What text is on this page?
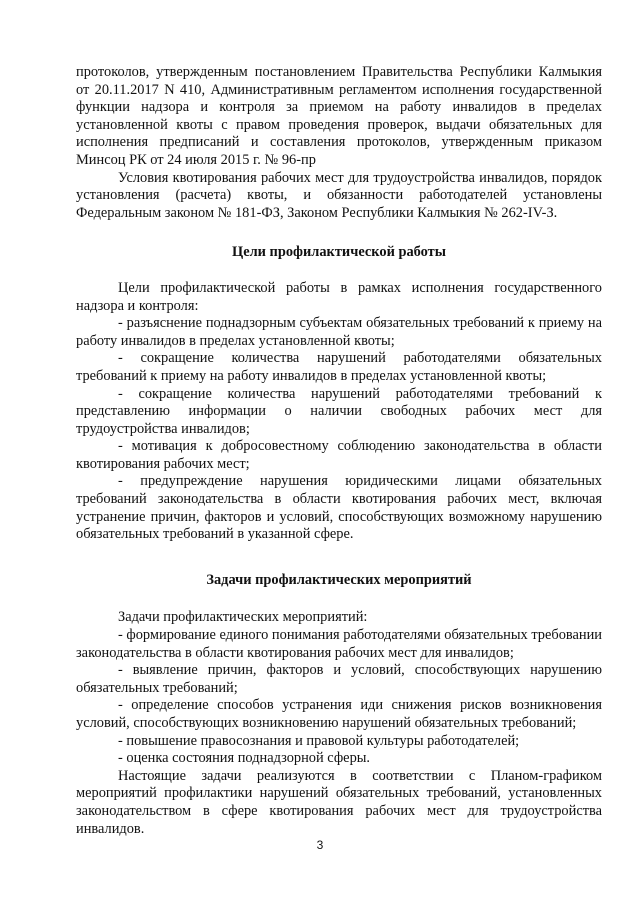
протоколов, утвержденным постановлением Правительства Республики Калмыкия от 20.11.2017 N 410, Административным регламентом исполнения государственной функции надзора и контроля за приемом на работу инвалидов в пределах установленной квоты с правом проведения проверок, выдачи обязательных для исполнения предписаний и составления протоколов, утвержденным приказом Минсоц РК от 24 июля 2015 г. № 96-пр

Условия квотирования рабочих мест для трудоустройства инвалидов, порядок установления (расчета) квоты, и обязанности работодателей установлены Федеральным законом № 181-ФЗ, Законом Республики Калмыкия № 262-IV-З.

Цели профилактической работы

Цели профилактической работы в рамках исполнения государственного надзора и контроля:

- разъяснение поднадзорным субъектам обязательных требований к приему на работу инвалидов в пределах установленной квоты;

- сокращение количества нарушений работодателями обязательных требований к приему на работу инвалидов в пределах установленной квоты;

- сокращение количества нарушений работодателями требований к представлению информации о наличии свободных рабочих мест для трудоустройства инвалидов;

- мотивация к добросовестному соблюдению законодательства в области квотирования рабочих мест;

- предупреждение нарушения юридическими лицами обязательных требований законодательства в области квотирования рабочих мест, включая устранение причин, факторов и условий, способствующих возможному нарушению обязательных требований в указанной сфере.

Задачи профилактических мероприятий

Задачи профилактических мероприятий:

- формирование единого понимания работодателями обязательных требовании законодательства в области квотирования рабочих мест для инвалидов;

- выявление причин, факторов и условий, способствующих нарушению обязательных требований;

- определение способов устранения иди снижения рисков возникновения условий, способствующих возникновению нарушений обязательных требований;

- повышение правосознания и правовой культуры работодателей;

- оценка состояния поднадзорной сферы.

Настоящие задачи реализуются в соответствии с Планом-графиком мероприятий профилактики нарушений обязательных требований, установленных законодательством в сфере квотирования рабочих мест для трудоустройства инвалидов.

3
